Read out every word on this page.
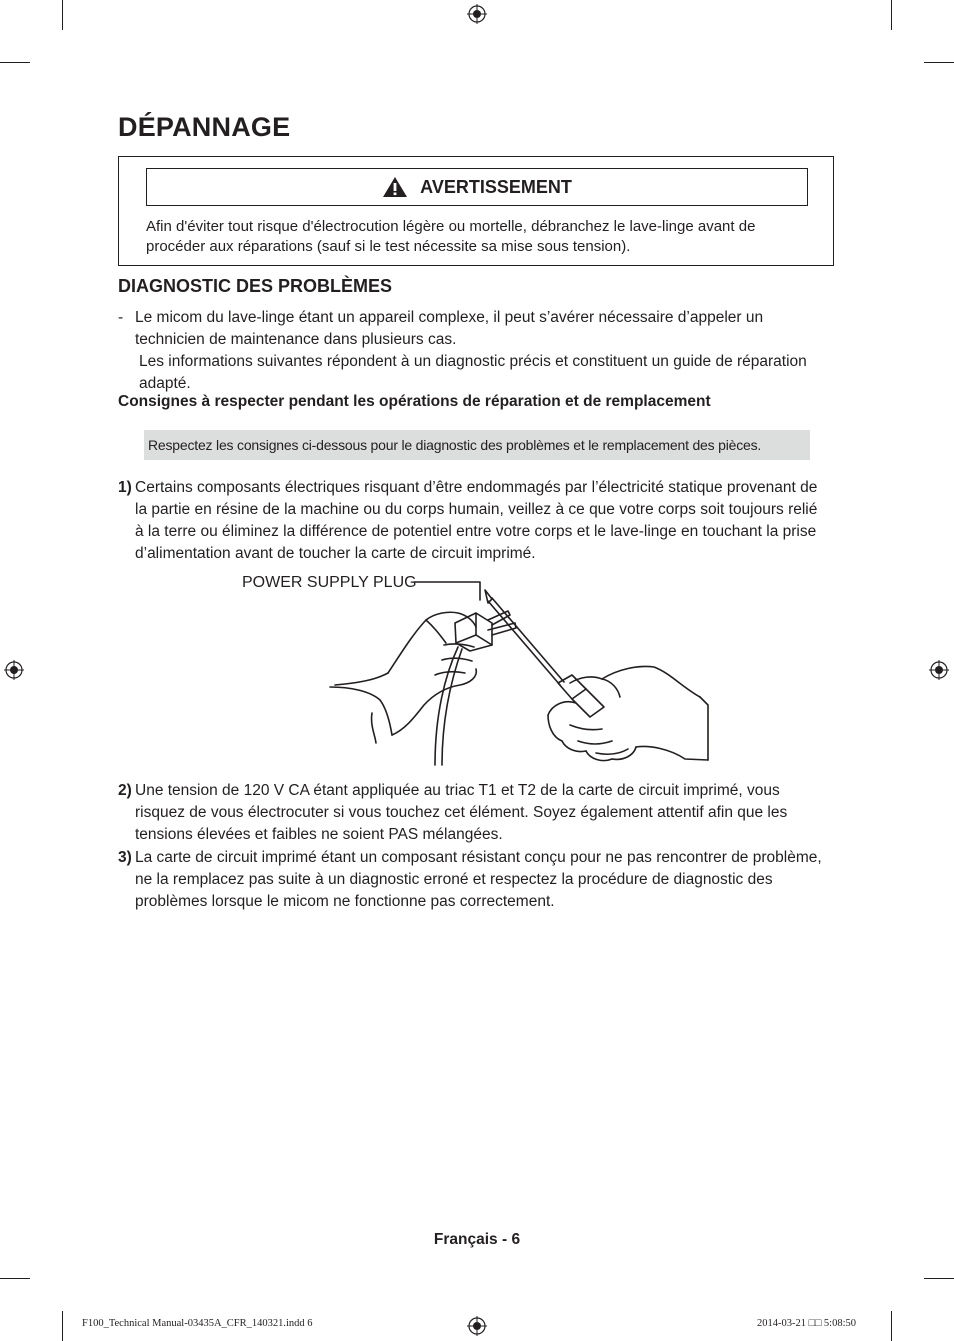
DÉPANNAGE
AVERTISSEMENT
Afin d'éviter tout risque d'électrocution légère ou mortelle, débranchez le lave-linge avant de procéder aux réparations (sauf si le test nécessite sa mise sous tension).
DIAGNOSTIC DES PROBLÈMES
- Le micom du lave-linge étant un appareil complexe, il peut s’avérer nécessaire d’appeler un technicien de maintenance dans plusieurs cas.
Les informations suivantes répondent à un diagnostic précis et constituent un guide de réparation adapté.
Consignes à respecter pendant les opérations de réparation et de remplacement
Respectez les consignes ci-dessous pour le diagnostic des problèmes et le remplacement des pièces.
1) Certains composants électriques risquant d’être endommagés par l’électricité statique provenant de la partie en résine de la machine ou du corps humain, veillez à ce que votre corps soit toujours relié à la terre ou éliminez la différence de potentiel entre votre corps et le lave-linge en touchant la prise d’alimentation avant de toucher la carte de circuit imprimé.
POWER SUPPLY PLUG
2) Une tension de 120 V CA étant appliquée au triac T1 et T2 de la carte de circuit imprimé, vous risquez de vous électrocuter si vous touchez cet élément. Soyez également attentif afin que les tensions élevées et faibles ne soient PAS mélangées.
3) La carte de circuit imprimé étant un composant résistant conçu pour ne pas rencontrer de problème, ne la remplacez pas suite à un diagnostic erroné et respectez la procédure de diagnostic des problèmes lorsque le micom ne fonctionne pas correctement.
Français - 6
F100_Technical Manual-03435A_CFR_140321.indd 6	2014-03-21 □□ 5:08:50
